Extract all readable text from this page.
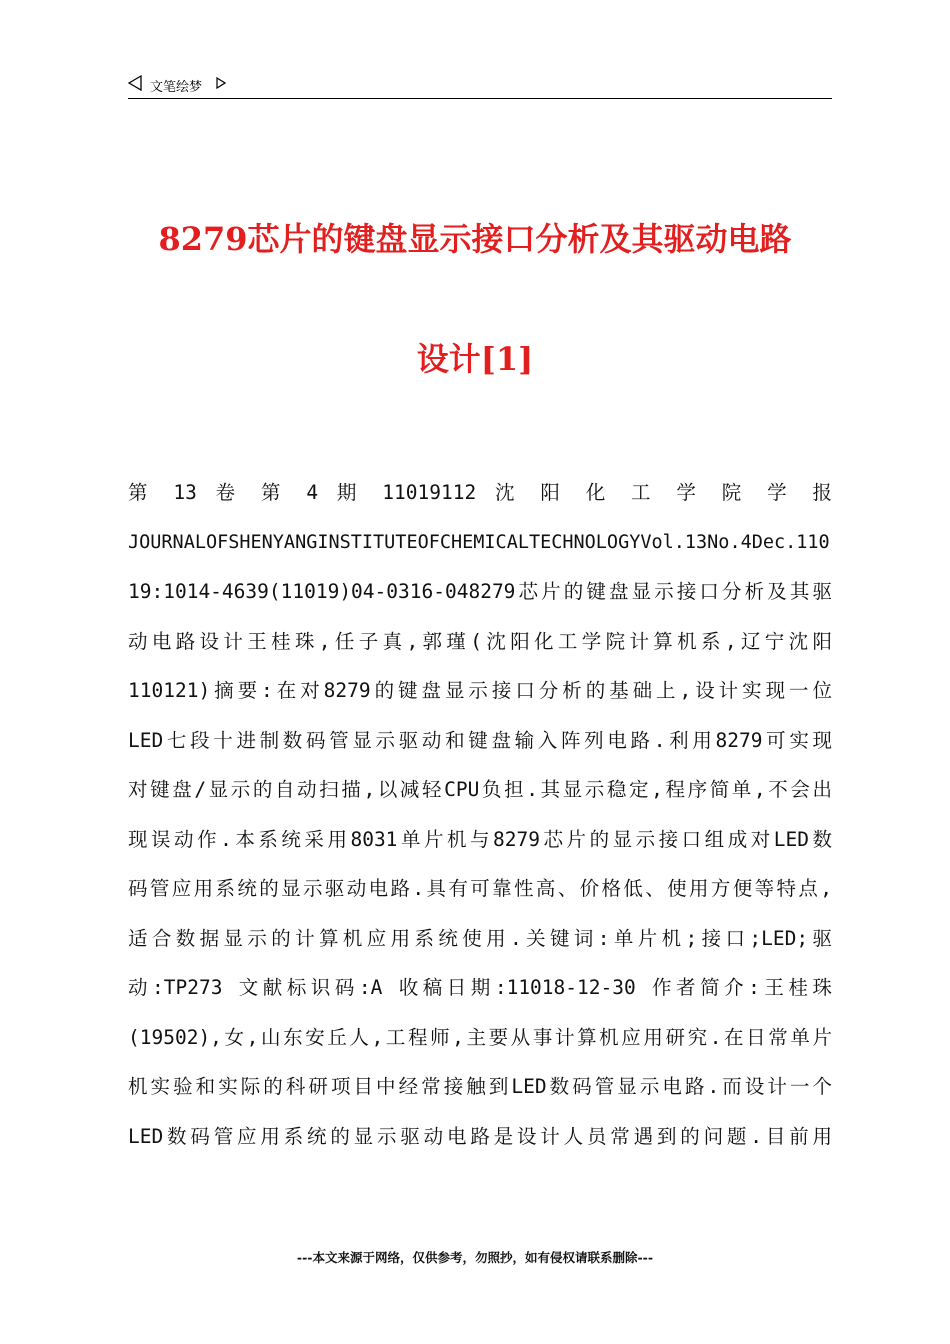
文笔绘梦
8279芯片的键盘显示接口分析及其驱动电路
设计[1]
第 13 卷 第 4 期 11019112 沈 阳 化 工 学 院 学 报
JOURNALOFSHENYANGINSTITUTEOFCHEMICALTECHNOLOGYVol.13No.4Dec.110
19:1014-4639(11019)04-0316-048279芯片的键盘显示接口分析及其驱
动电路设计王桂珠,任子真,郭瑾(沈阳化工学院计算机系,辽宁沈阳
110121)摘要:在对8279的键盘显示接口分析的基础上,设计实现一位
LED七段十进制数码管显示驱动和键盘输入阵列电路.利用8279可实现
对键盘/显示的自动扫描,以减轻CPU负担.其显示稳定,程序简单,不会出
现误动作.本系统采用8031单片机与8279芯片的显示接口组成对LED数
码管应用系统的显示驱动电路.具有可靠性高、价格低、使用方便等特点,
适合数据显示的计算机应用系统使用.关键词:单片机;接口;LED;驱
动:TP273 文献标识码:A 收稿日期:11018-12-30 作者简介:王桂珠
(19502),女,山东安丘人,工程师,主要从事计算机应用研究.在日常单片
机实验和实际的科研项目中经常接触到LED数码管显示电路.而设计一个
LED数码管应用系统的显示驱动电路是设计人员常遇到的问题.目前用
---本文来源于网络，仅供参考，勿照抄，如有侵权请联系删除---
